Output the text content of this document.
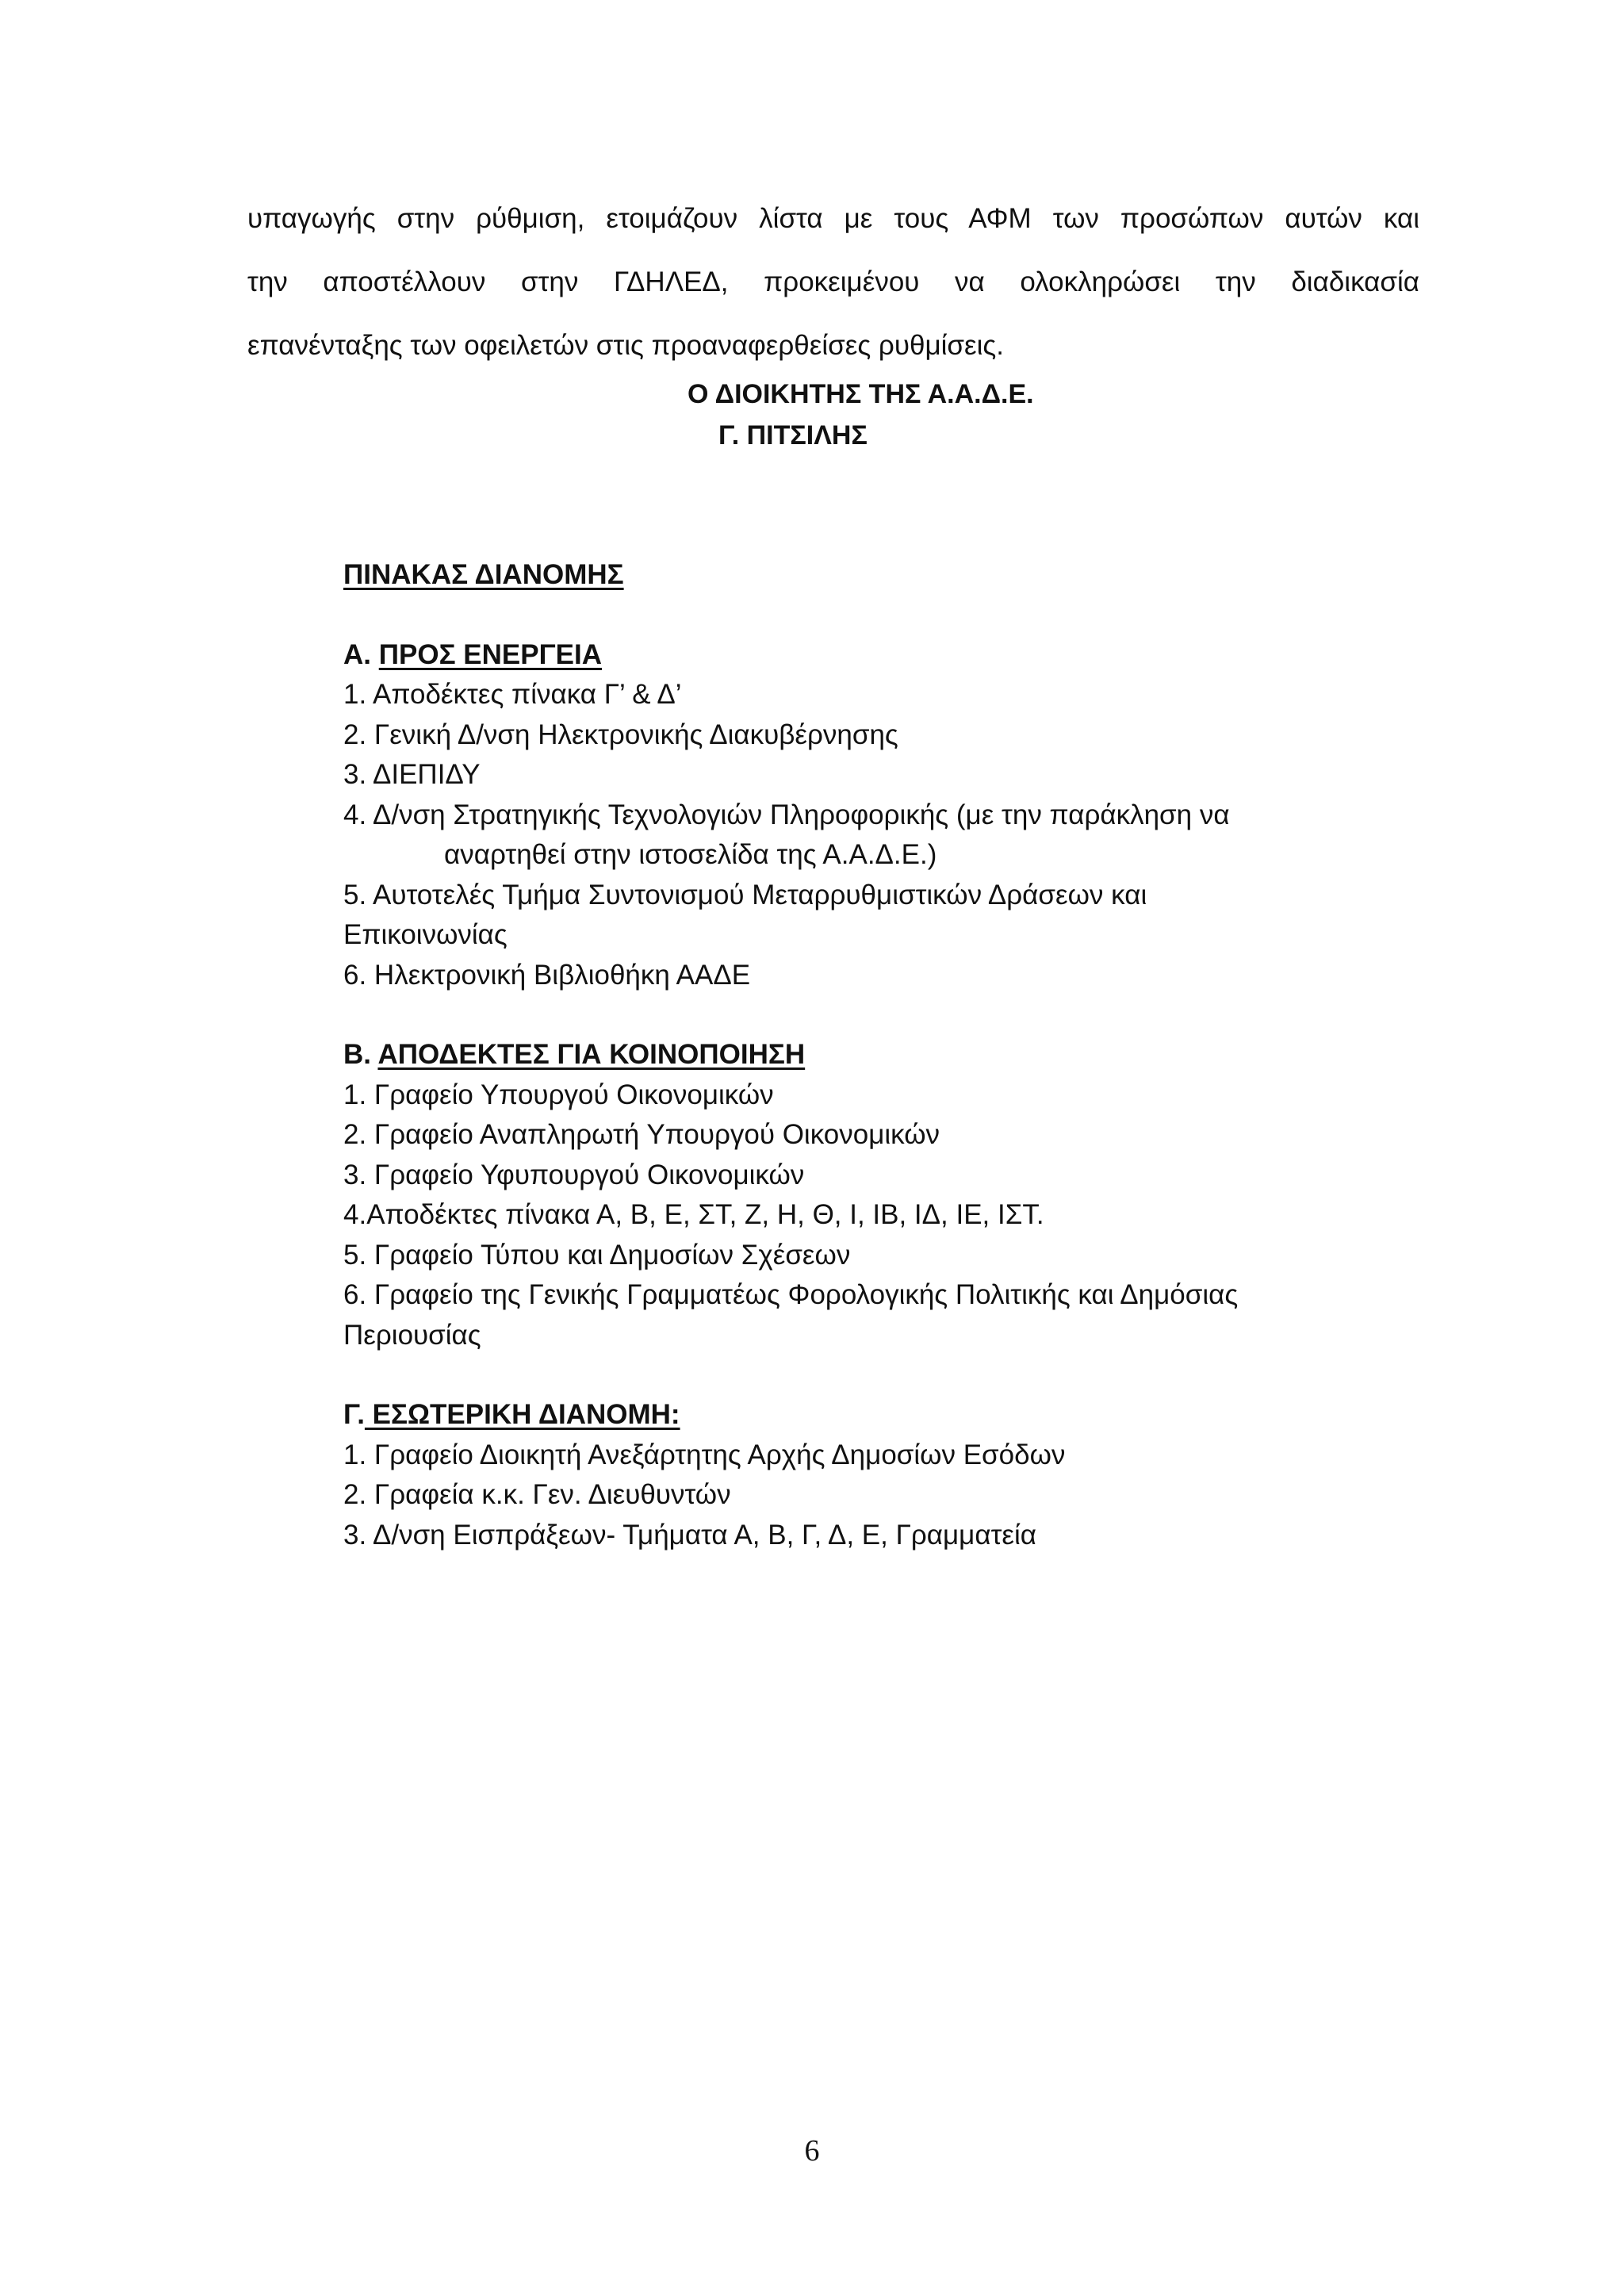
υπαγωγής στην ρύθμιση, ετοιμάζουν λίστα με τους ΑΦΜ των προσώπων αυτών και
την αποστέλλουν στην ΓΔΗΛΕΔ, προκειμένου να ολοκληρώσει την διαδικασία
επανένταξης των οφειλετών στις προαναφερθείσες ρυθμίσεις.
Ο ΔΙΟΙΚΗΤΗΣ ΤΗΣ Α.Α.Δ.Ε.
Γ. ΠΙΤΣΙΛΗΣ
ΠΙΝΑΚΑΣ ΔΙΑΝΟΜΗΣ
Α. ΠΡΟΣ ΕΝΕΡΓΕΙΑ
1. Αποδέκτες πίνακα Γ’ & Δ’
2. Γενική Δ/νση Ηλεκτρονικής Διακυβέρνησης
3. ΔΙΕΠΙΔΥ
4. Δ/νση Στρατηγικής Τεχνολογιών Πληροφορικής (με την παράκληση να
αναρτηθεί στην ιστοσελίδα της Α.Α.Δ.Ε.)
5. Αυτοτελές Τμήμα Συντονισμού Μεταρρυθμιστικών Δράσεων και
Επικοινωνίας
6. Ηλεκτρονική Βιβλιοθήκη ΑΑΔΕ
Β. ΑΠΟΔΕΚΤΕΣ ΓΙΑ ΚΟΙΝΟΠΟΙΗΣΗ
1. Γραφείο Υπουργού Οικονομικών
2. Γραφείο Αναπληρωτή Υπουργού Οικονομικών
3. Γραφείο Υφυπουργού Οικονομικών
4.Αποδέκτες πίνακα Α, Β, Ε, ΣΤ, Ζ, Η, Θ, Ι, ΙΒ, ΙΔ, ΙΕ, ΙΣΤ.
5. Γραφείο Τύπου και Δημοσίων Σχέσεων
6. Γραφείο της Γενικής Γραμματέως Φορολογικής Πολιτικής και Δημόσιας
Περιουσίας
Γ. ΕΣΩΤΕΡΙΚΗ ΔΙΑΝΟΜΗ:
1. Γραφείο Διοικητή Ανεξάρτητης Αρχής Δημοσίων Εσόδων
2. Γραφεία κ.κ. Γεν. Διευθυντών
3. Δ/νση Εισπράξεων- Τμήματα Α, Β, Γ, Δ, Ε, Γραμματεία
6
